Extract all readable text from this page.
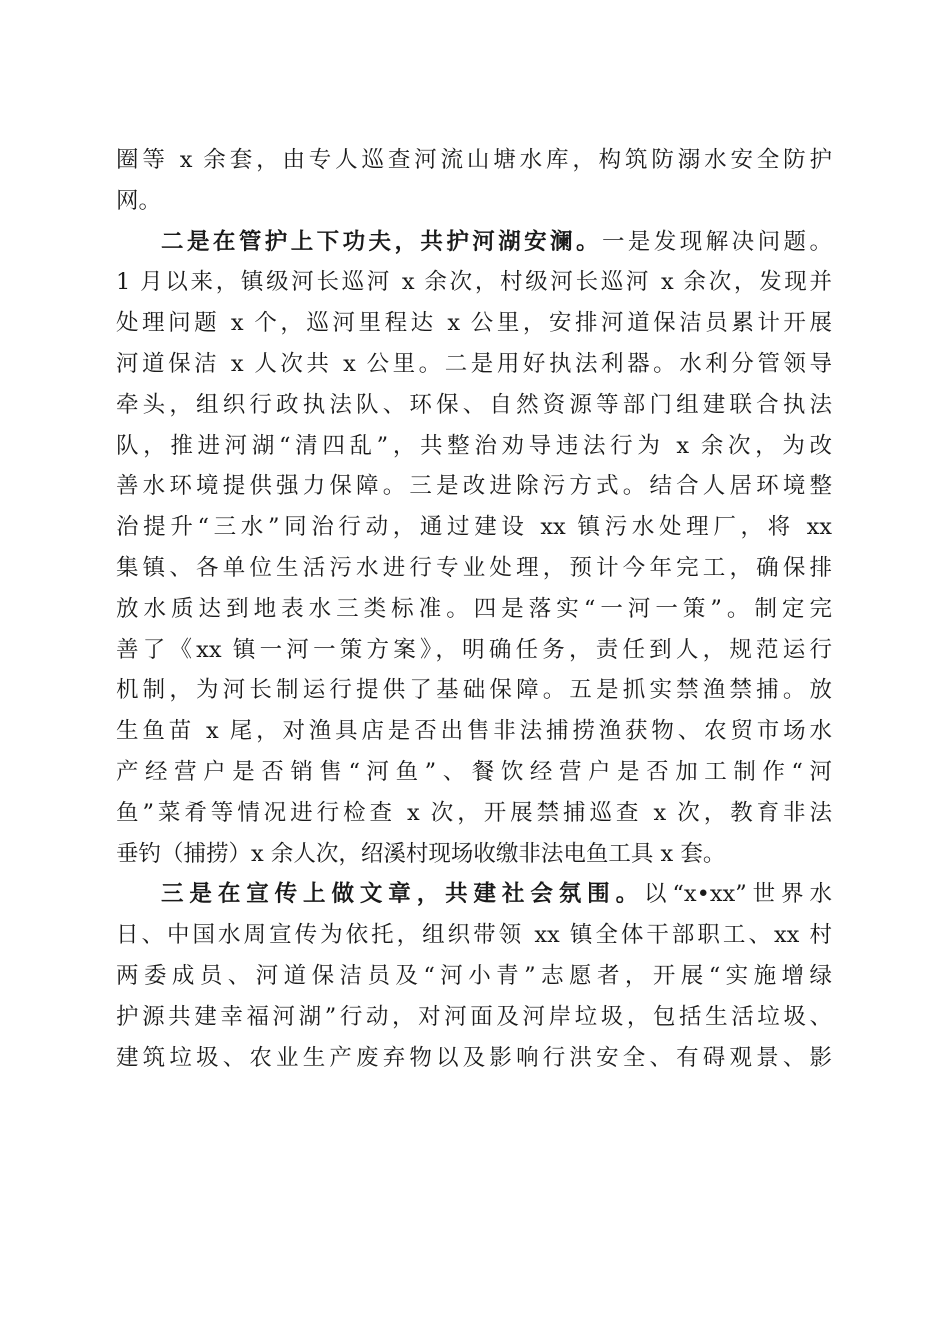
圈等 x 余套，由专人巡查河流山塘水库，构筑防溺水安全防护
网。
二是在管护上下功夫，共护河湖安澜。一是发现解决问题。
1 月以来，镇级河长巡河 x 余次，村级河长巡河 x 余次，发现并
处理问题 x 个，巡河里程达 x 公里，安排河道保洁员累计开展
河道保洁 x 人次共 x 公里。二是用好执法利器。水利分管领导
牵头，组织行政执法队、环保、自然资源等部门组建联合执法
队，推进河湖“清四乱”，共整治劝导违法行为 x 余次，为改
善水环境提供强力保障。三是改进除污方式。结合人居环境整
治提升“三水”同治行动，通过建设 xx 镇污水处理厂，将 xx
集镇、各单位生活污水进行专业处理，预计今年完工，确保排
放水质达到地表水三类标准。四是落实“一河一策”。制定完
善了《xx 镇一河一策方案》，明确任务，责任到人，规范运行
机制，为河长制运行提供了基础保障。五是抓实禁渔禁捕。放
生鱼苗 x 尾，对渔具店是否出售非法捕捞渔获物、农贸市场水
产经营户是否销售“河鱼”、餐饮经营户是否加工制作“河
鱼”菜肴等情况进行检查 x 次，开展禁捕巡查 x 次，教育非法
垂钓（捕捞）x 余人次，绍溪村现场收缴非法电鱼工具 x 套。
三是在宣传上做文章，共建社会氛围。以“x•xx”世界水
日、中国水周宣传为依托，组织带领 xx 镇全体干部职工、xx 村
两委成员、河道保洁员及“河小青”志愿者，开展“实施增绿
护源共建幸福河湖”行动，对河面及河岸垃圾，包括生活垃圾、
建筑垃圾、农业生产废弃物以及影响行洪安全、有碍观景、影
